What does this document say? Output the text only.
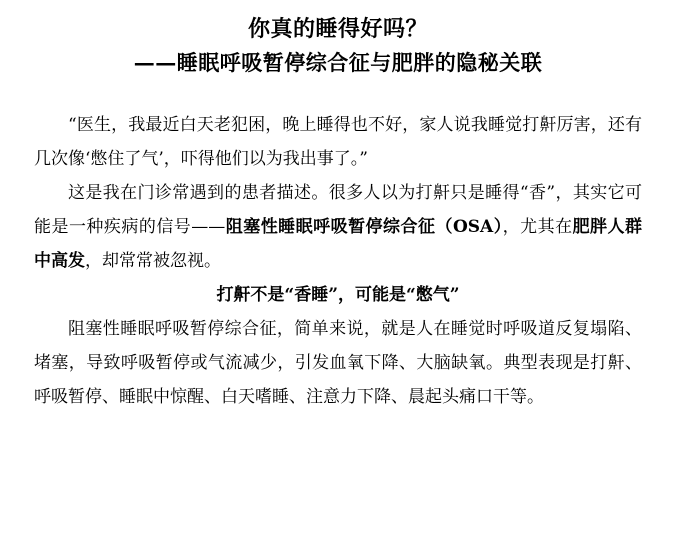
你真的睡得好吗？
——睡眠呼吸暂停综合征与肥胖的隐秘关联

“医生，我最近白天老犯困，晚上睡得也不好，家人说我睡觉打鼾厉害，还有几次像‘憋住了气’，吓得他们以为我出事了。”

这是我在门诊常遇到的患者描述。很多人以为打鼾只是睡得“香”，其实它可能是一种疾病的信号——阻塞性睡眠呼吸暂停综合征（OSA），尤其在肥胖人群中高发，却常常被忽视。

打鼾不是“香睡”，可能是“憋气”

阻塞性睡眠呼吸暂停综合征，简单来说，就是人在睡觉时呼吸道反复塌陷、堵塞，导致呼吸暂停或气流减少，引发血氧下降、大脑缺氧。典型表现是打鼾、呼吸暂停、睡眠中惊醒、白天嗜睡、注意力下降、晨起头痛口干等。
